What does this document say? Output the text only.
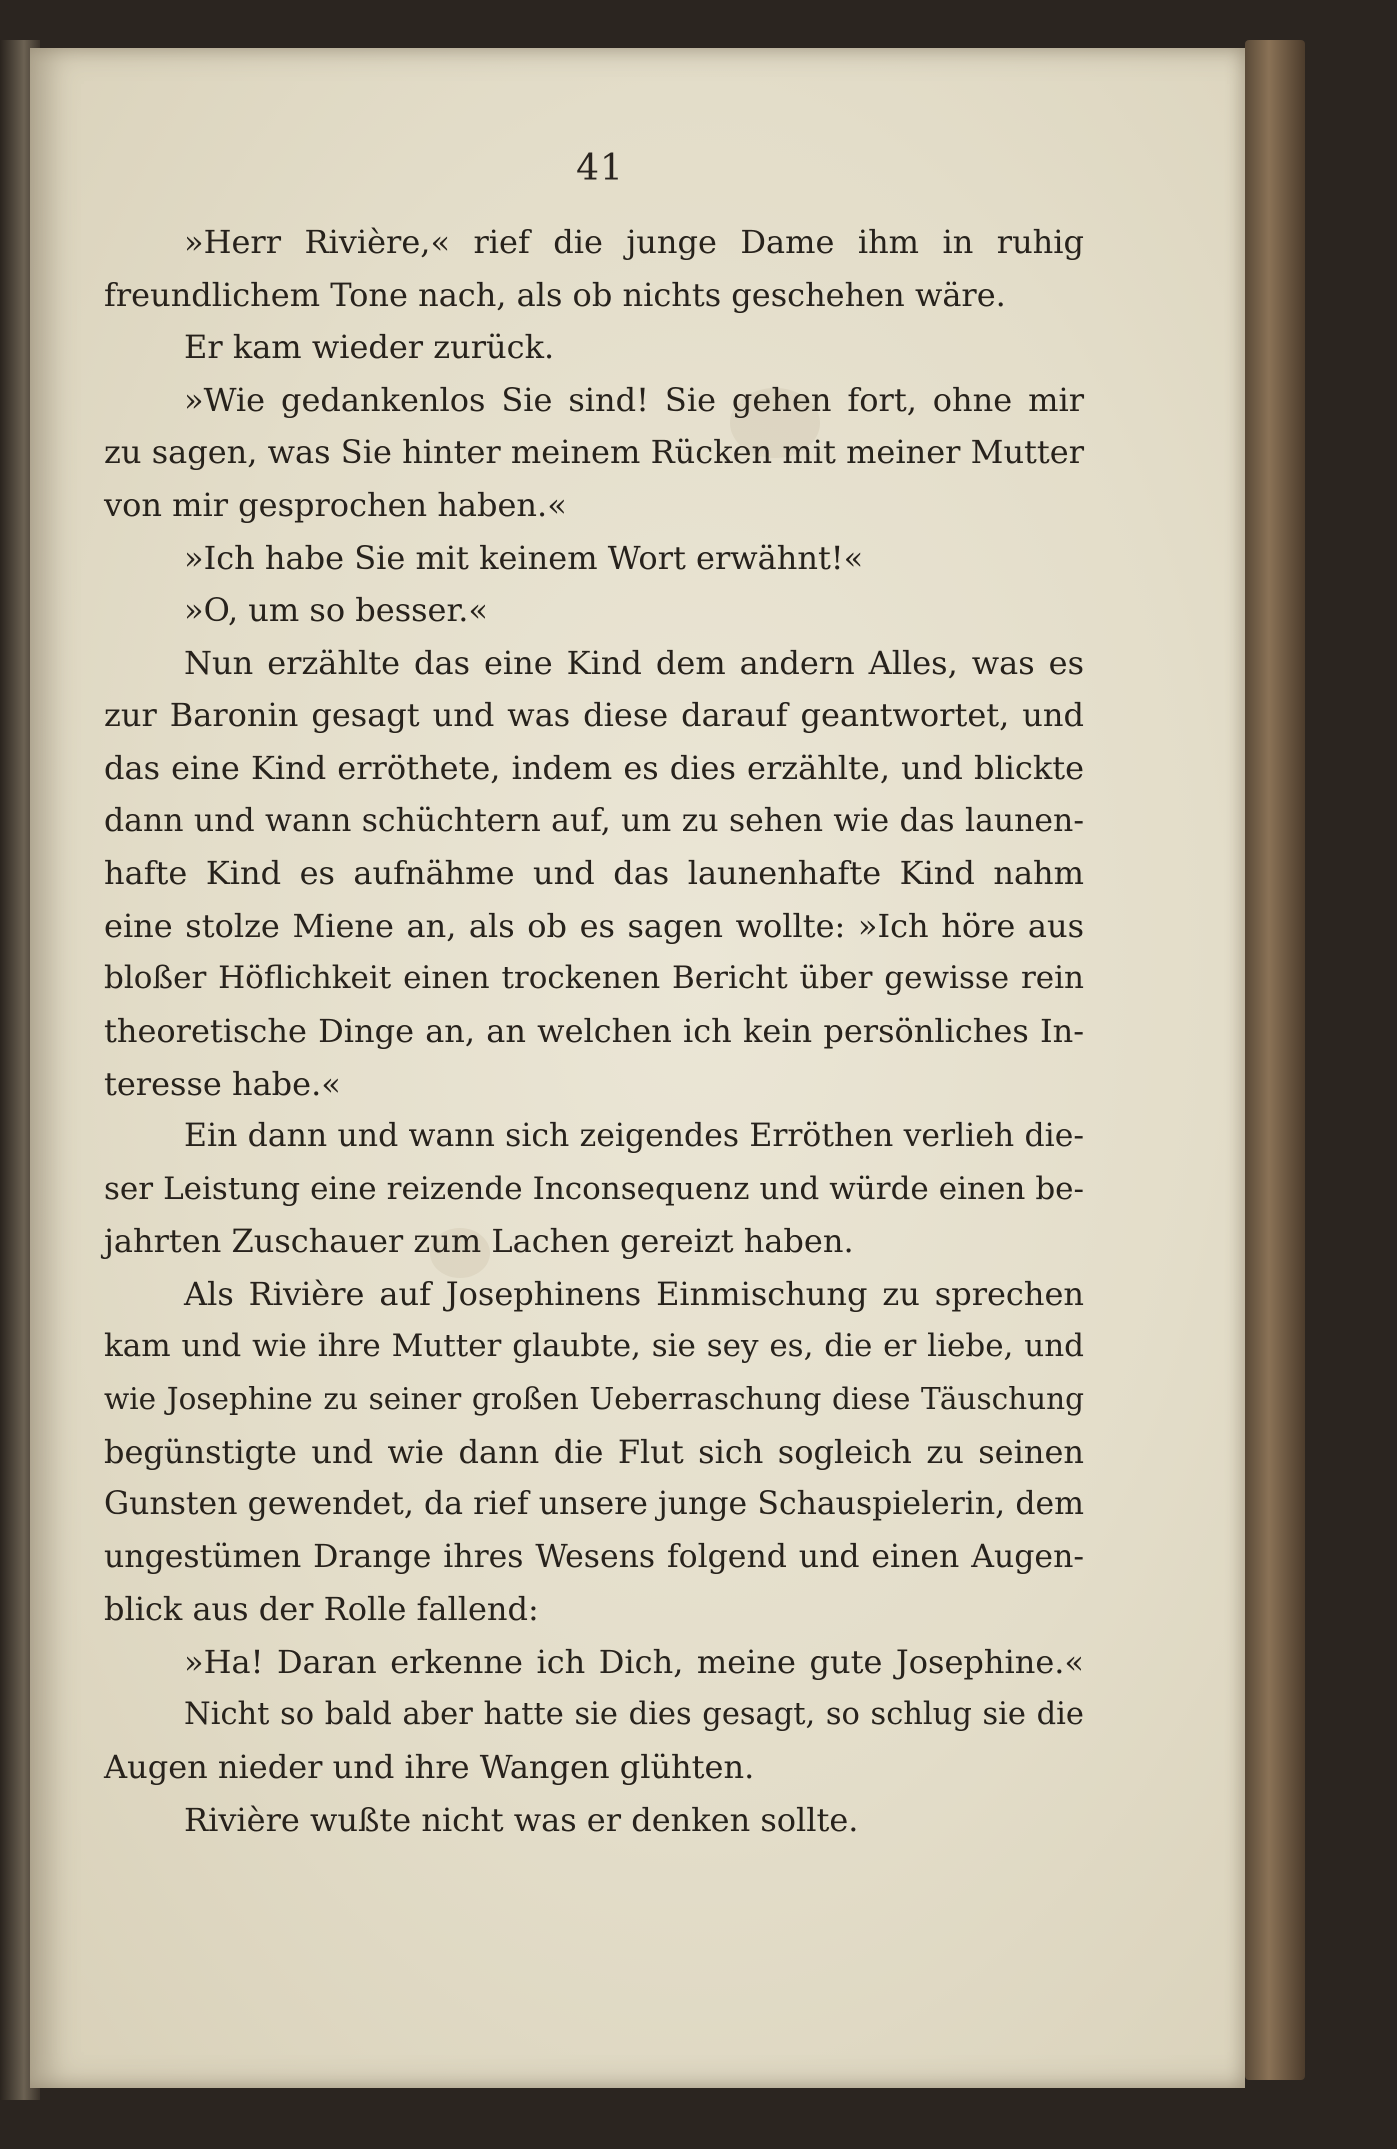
41
»Herr Rivière,« rief die junge Dame ihm in ruhig
freundlichem Tone nach, als ob nichts geschehen wäre.
Er kam wieder zurück.
»Wie gedankenlos Sie sind! Sie gehen fort, ohne mir
zu sagen, was Sie hinter meinem Rücken mit meiner Mutter
von mir gesprochen haben.«
»Ich habe Sie mit keinem Wort erwähnt!«
»O, um so besser.«
Nun erzählte das eine Kind dem andern Alles, was es
zur Baronin gesagt und was diese darauf geantwortet, und
das eine Kind erröthete, indem es dies erzählte, und blickte
dann und wann schüchtern auf, um zu sehen wie das launen-
hafte Kind es aufnähme und das launenhafte Kind nahm
eine stolze Miene an, als ob es sagen wollte: »Ich höre aus
bloßer Höflichkeit einen trockenen Bericht über gewisse rein
theoretische Dinge an, an welchen ich kein persönliches In-
teresse habe.«
Ein dann und wann sich zeigendes Erröthen verlieh die-
ser Leistung eine reizende Inconsequenz und würde einen be-
jahrten Zuschauer zum Lachen gereizt haben.
Als Rivière auf Josephinens Einmischung zu sprechen
kam und wie ihre Mutter glaubte, sie sey es, die er liebe, und
wie Josephine zu seiner großen Ueberraschung diese Täuschung
begünstigte und wie dann die Flut sich sogleich zu seinen
Gunsten gewendet, da rief unsere junge Schauspielerin, dem
ungestümen Drange ihres Wesens folgend und einen Augen-
blick aus der Rolle fallend:
»Ha! Daran erkenne ich Dich, meine gute Josephine.«
Nicht so bald aber hatte sie dies gesagt, so schlug sie die
Augen nieder und ihre Wangen glühten.
Rivière wußte nicht was er denken sollte.
